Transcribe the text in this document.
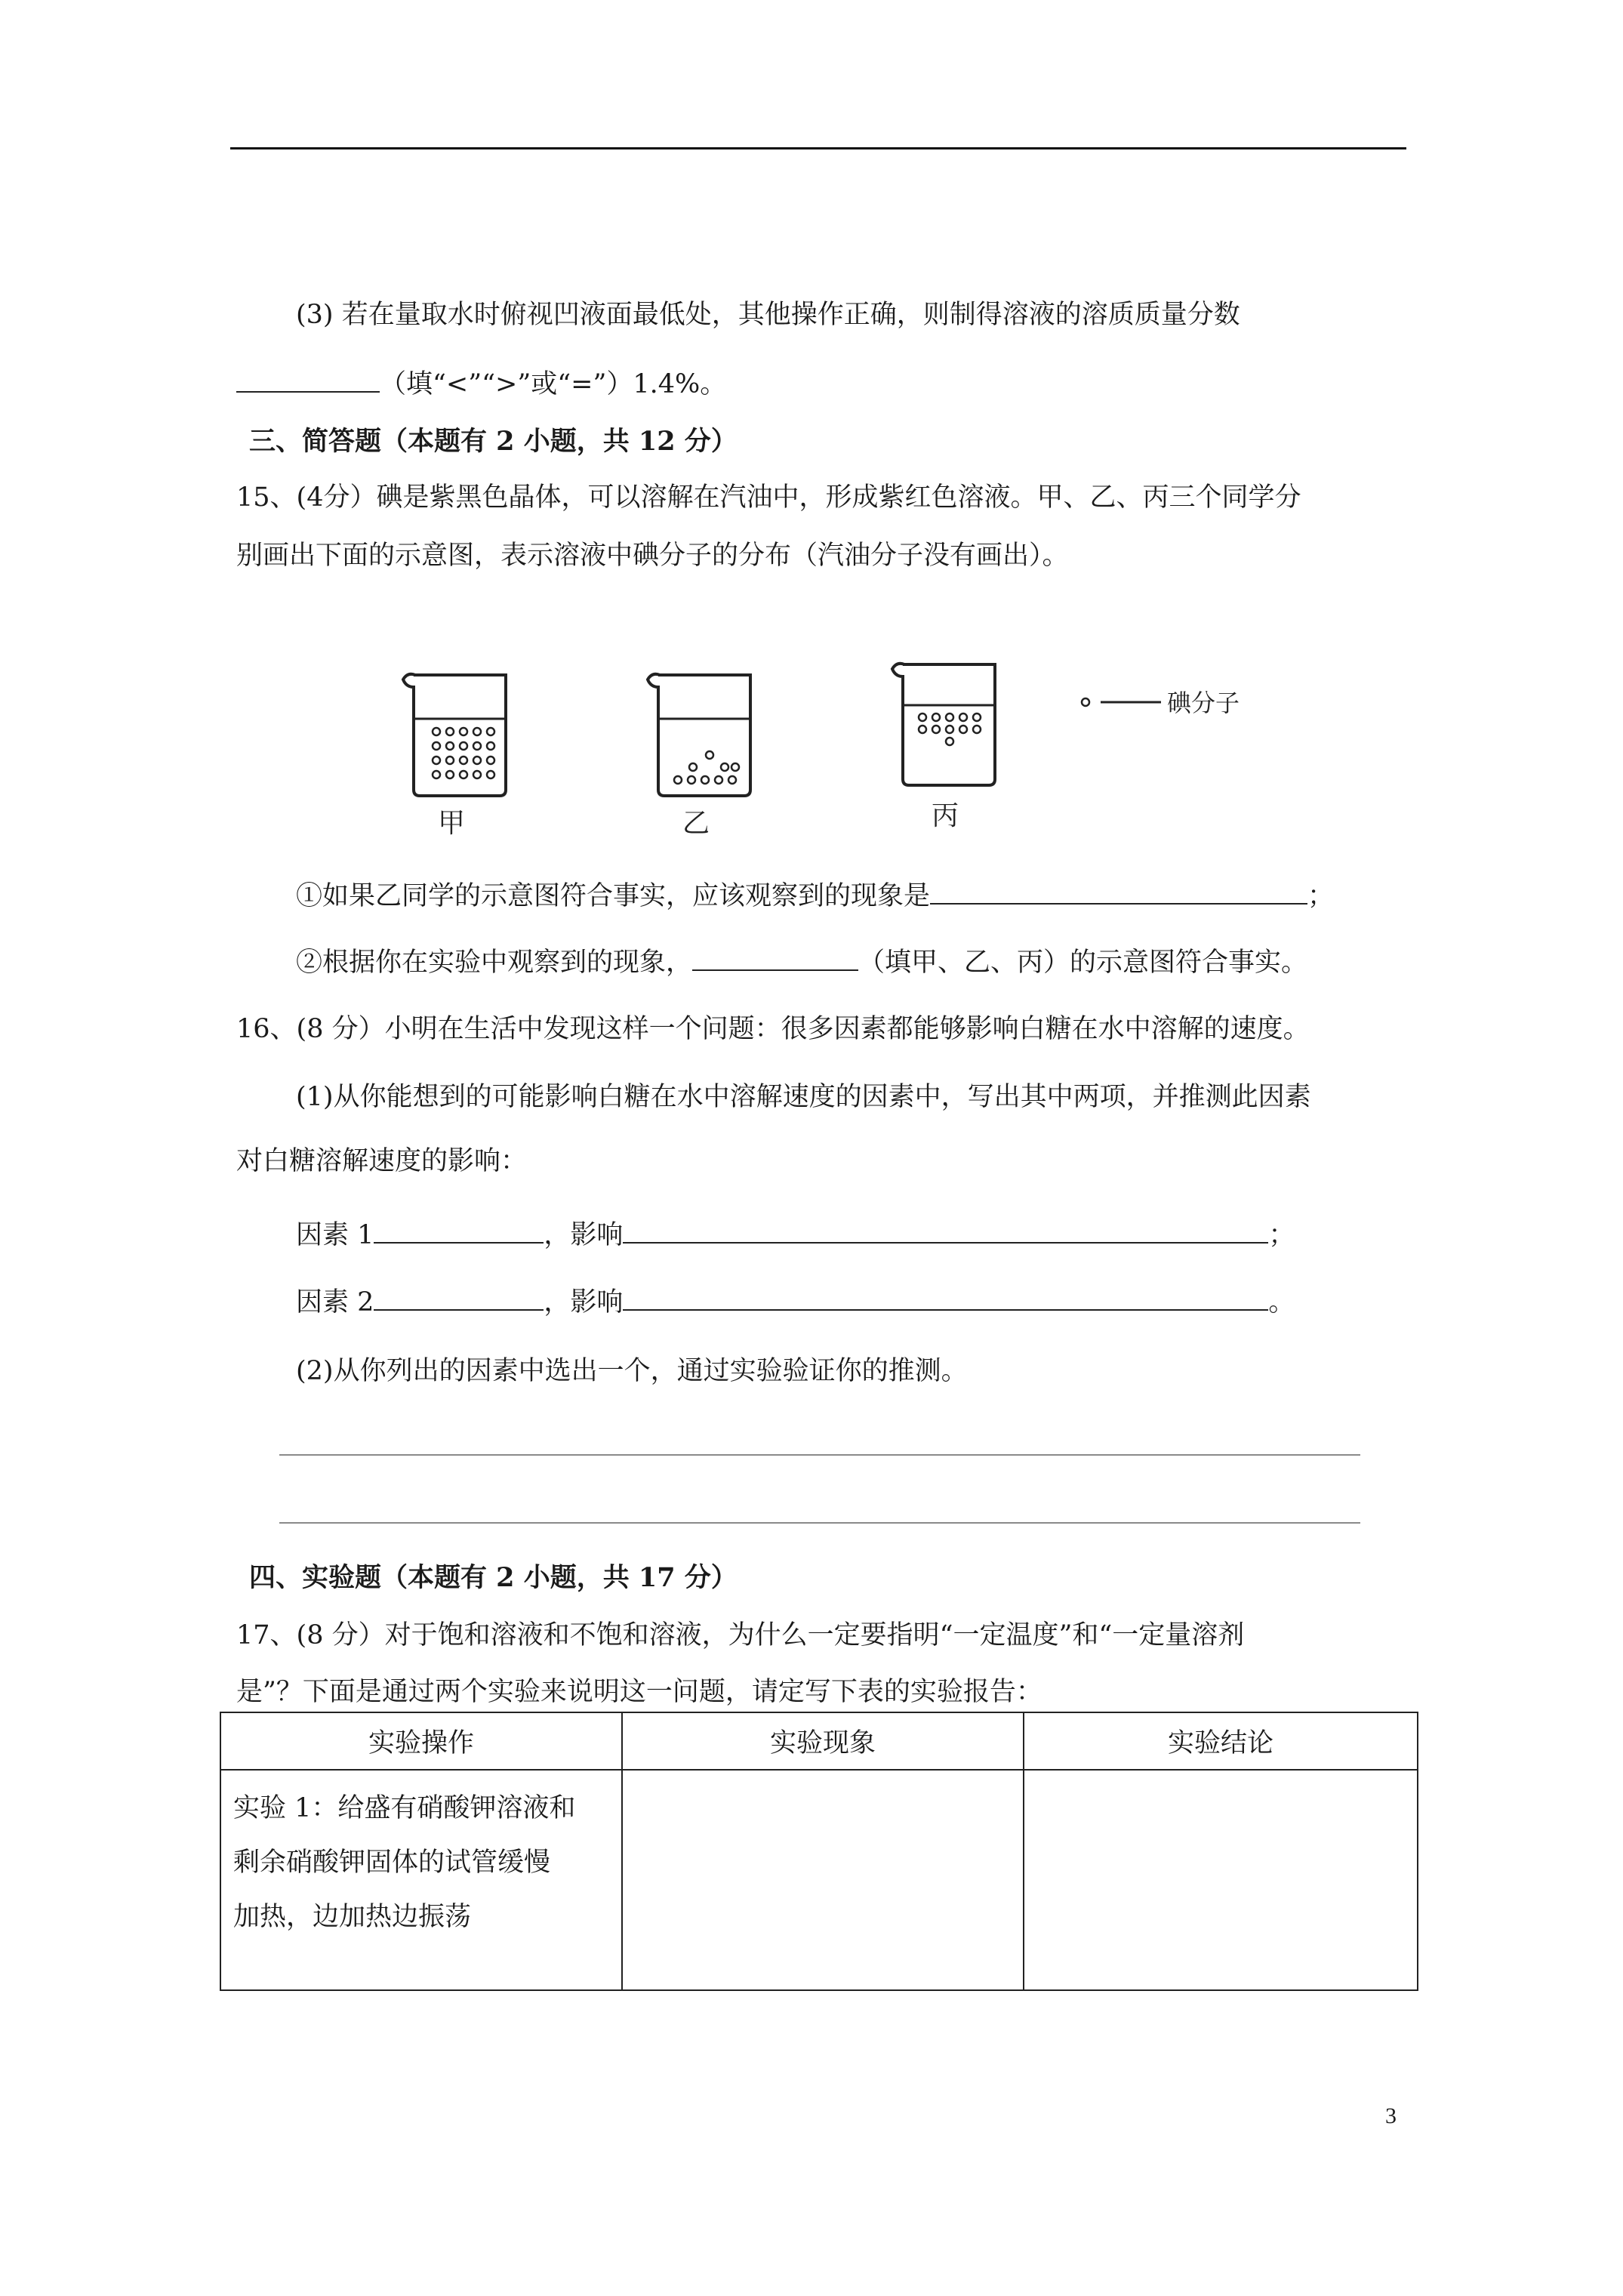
(3) 若在量取水时俯视凹液面最低处，其他操作正确，则制得溶液的溶质质量分数
（填“<”“>”或“=”）1.4%。
三、简答题（本题有 2 小题，共 12 分）
15、(4分）碘是紫黑色晶体，可以溶解在汽油中，形成紫红色溶液。甲、乙、丙三个同学分
别画出下面的示意图，表示溶液中碘分子的分布（汽油分子没有画出）。
甲	乙	丙
碘分子
①如果乙同学的示意图符合事实，应该观察到的现象是	；
②根据你在实验中观察到的现象，	（填甲、乙、丙）的示意图符合事实。
16、(8 分）小明在生活中发现这样一个问题：很多因素都能够影响白糖在水中溶解的速度。
(1)从你能想到的可能影响白糖在水中溶解速度的因素中，写出其中两项，并推测此因素
对白糖溶解速度的影响：
因素 1	，影响	；
因素 2	，影响	。
(2)从你列出的因素中选出一个，通过实验验证你的推测。
四、实验题（本题有 2 小题，共 17 分）
17、(8 分）对于饱和溶液和不饱和溶液，为什么一定要指明“一定温度”和“一定量溶剂
是”？下面是通过两个实验来说明这一问题，请定写下表的实验报告：
实验操作	实验现象	实验结论

实验 1：给盛有硝酸钾溶液和
剩余硝酸钾固体的试管缓慢
加热，边加热边振荡		

3
